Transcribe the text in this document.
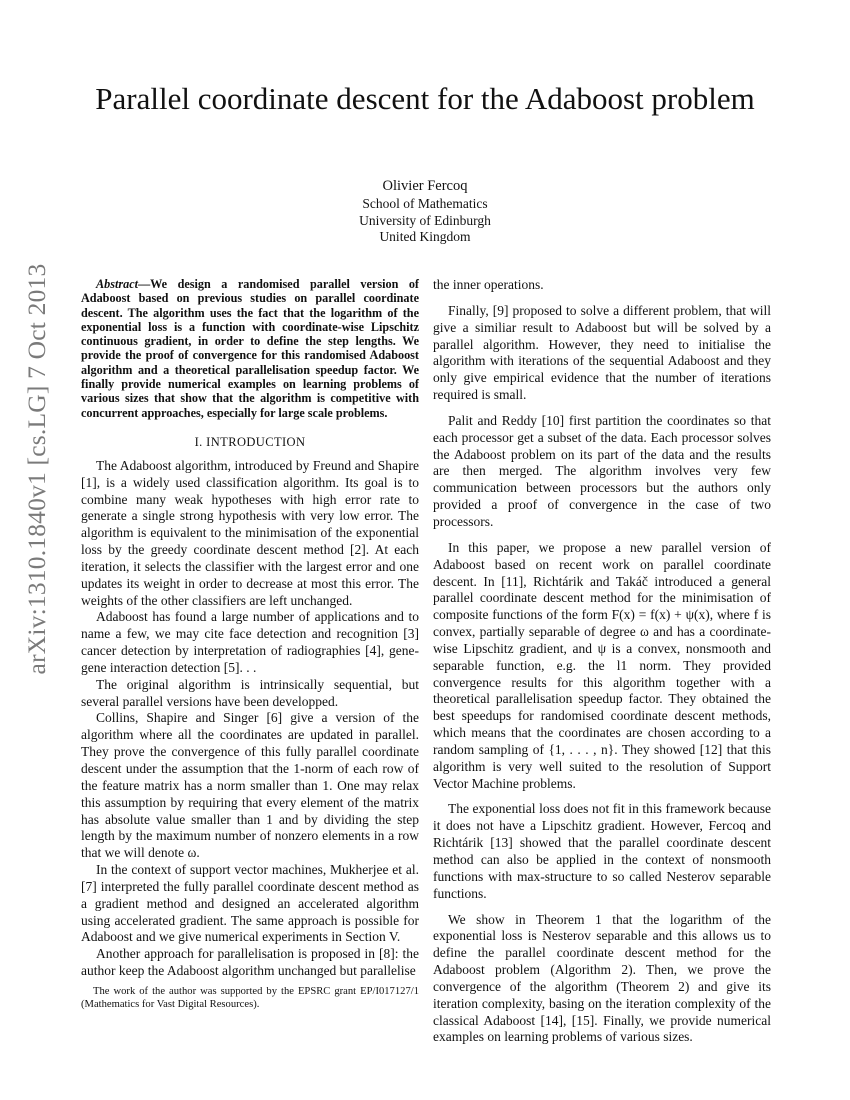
arXiv:1310.1840v1 [cs.LG] 7 Oct 2013
Parallel coordinate descent for the Adaboost problem
Olivier Fercoq
School of Mathematics
University of Edinburgh
United Kingdom

Abstract—We design a randomised parallel version of Adaboost based on previous studies on parallel coordinate descent. The algorithm uses the fact that the logarithm of the exponential loss is a function with coordinate-wise Lipschitz continuous gradient, in order to define the step lengths. We provide the proof of convergence for this randomised Adaboost algorithm and a theoretical parallelisation speedup factor. We finally provide numerical examples on learning problems of various sizes that show that the algorithm is competitive with concurrent approaches, especially for large scale problems.

I. INTRODUCTION

The Adaboost algorithm, introduced by Freund and Shapire [1], is a widely used classification algorithm. Its goal is to combine many weak hypotheses with high error rate to generate a single strong hypothesis with very low error. The algorithm is equivalent to the minimisation of the exponential loss by the greedy coordinate descent method [2]. At each iteration, it selects the classifier with the largest error and one updates its weight in order to decrease at most this error. The weights of the other classifiers are left unchanged.

Adaboost has found a large number of applications and to name a few, we may cite face detection and recognition [3] cancer detection by interpretation of radiographies [4], gene-gene interaction detection [5]. . .

The original algorithm is intrinsically sequential, but several parallel versions have been developped.

Collins, Shapire and Singer [6] give a version of the algorithm where all the coordinates are updated in parallel. They prove the convergence of this fully parallel coordinate descent under the assumption that the 1-norm of each row of the feature matrix has a norm smaller than 1. One may relax this assumption by requiring that every element of the matrix has absolute value smaller than 1 and by dividing the step length by the maximum number of nonzero elements in a row that we will denote ω.

In the context of support vector machines, Mukherjee et al. [7] interpreted the fully parallel coordinate descent method as a gradient method and designed an accelerated algorithm using accelerated gradient. The same approach is possible for Adaboost and we give numerical experiments in Section V.

Another approach for parallelisation is proposed in [8]: the author keep the Adaboost algorithm unchanged but parallelise

The work of the author was supported by the EPSRC grant EP/I017127/1 (Mathematics for Vast Digital Resources).

the inner operations.

Finally, [9] proposed to solve a different problem, that will give a similiar result to Adaboost but will be solved by a parallel algorithm. However, they need to initialise the algorithm with iterations of the sequential Adaboost and they only give empirical evidence that the number of iterations required is small.

Palit and Reddy [10] first partition the coordinates so that each processor get a subset of the data. Each processor solves the Adaboost problem on its part of the data and the results are then merged. The algorithm involves very few communication between processors but the authors only provided a proof of convergence in the case of two processors.

In this paper, we propose a new parallel version of Adaboost based on recent work on parallel coordinate descent. In [11], Richtárik and Takáč introduced a general parallel coordinate descent method for the minimisation of composite functions of the form F(x) = f(x) + ψ(x), where f is convex, partially separable of degree ω and has a coordinate-wise Lipschitz gradient, and ψ is a convex, nonsmooth and separable function, e.g. the l1 norm. They provided convergence results for this algorithm together with a theoretical parallelisation speedup factor. They obtained the best speedups for randomised coordinate descent methods, which means that the coordinates are chosen according to a random sampling of {1, . . . , n}. They showed [12] that this algorithm is very well suited to the resolution of Support Vector Machine problems.

The exponential loss does not fit in this framework because it does not have a Lipschitz gradient. However, Fercoq and Richtárik [13] showed that the parallel coordinate descent method can also be applied in the context of nonsmooth functions with max-structure to so called Nesterov separable functions.

We show in Theorem 1 that the logarithm of the exponential loss is Nesterov separable and this allows us to define the parallel coordinate descent method for the Adaboost problem (Algorithm 2). Then, we prove the convergence of the algorithm (Theorem 2) and give its iteration complexity, basing on the iteration complexity of the classical Adaboost [14], [15]. Finally, we provide numerical examples on learning problems of various sizes.
